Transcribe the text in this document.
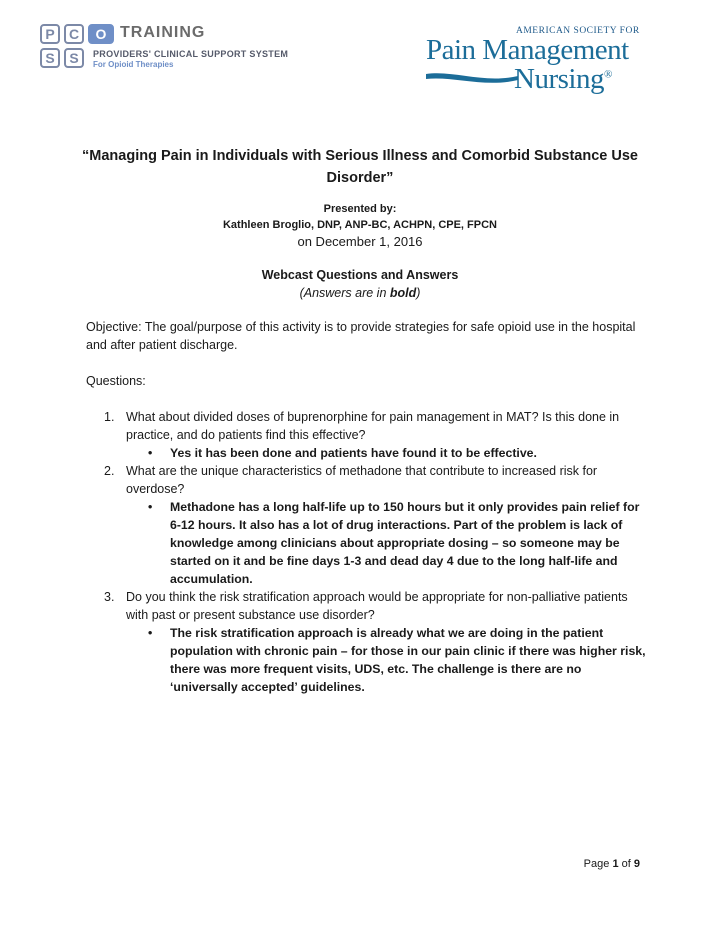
P	C	O
S	S
TRAINING
PROVIDERS' CLINICAL SUPPORT SYSTEM
For Opioid Therapies
AMERICAN SOCIETY FOR
Pain Management
Nursing®
“Managing Pain in Individuals with Serious Illness and Comorbid Substance Use Disorder”
Presented by:
Kathleen Broglio, DNP, ANP-BC, ACHPN, CPE, FPCN
on December 1, 2016
Webcast Questions and Answers
(Answers are in bold)
Objective: The goal/purpose of this activity is to provide strategies for safe opioid use in the hospital and after patient discharge.
Questions:
1. What about divided doses of buprenorphine for pain management in MAT? Is this done in practice, and do patients find this effective?
• Yes it has been done and patients have found it to be effective.
2. What are the unique characteristics of methadone that contribute to increased risk for overdose?
• Methadone has a long half-life up to 150 hours but it only provides pain relief for 6-12 hours. It also has a lot of drug interactions. Part of the problem is lack of knowledge among clinicians about appropriate dosing – so someone may be started on it and be fine days 1-3 and dead day 4 due to the long half-life and accumulation.
3. Do you think the risk stratification approach would be appropriate for non-palliative patients with past or present substance use disorder?
• The risk stratification approach is already what we are doing in the patient population with chronic pain – for those in our pain clinic if there was higher risk, there was more frequent visits, UDS, etc. The challenge is there are no ‘universally accepted’ guidelines.
Page 1 of 9
